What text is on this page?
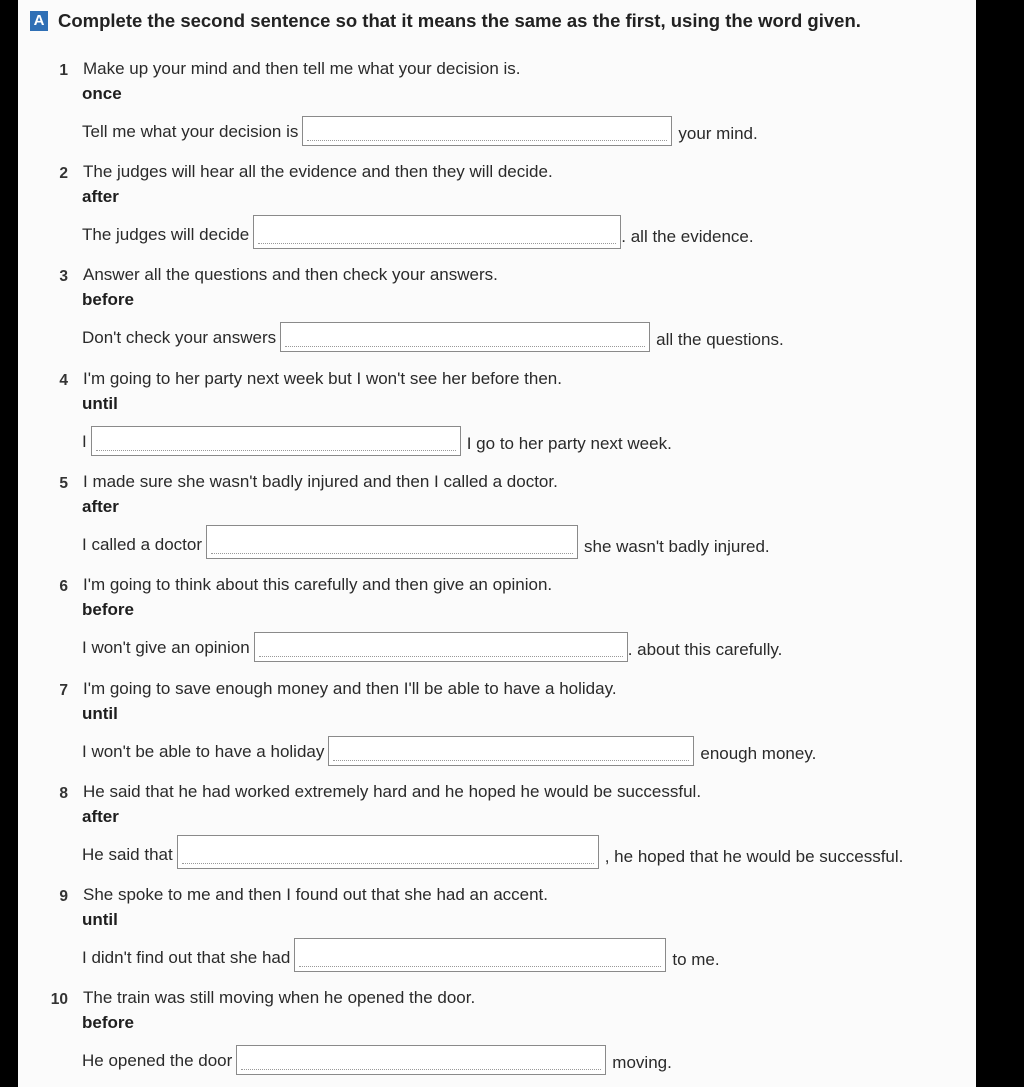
A Complete the second sentence so that it means the same as the first, using the word given.
1 Make up your mind and then tell me what your decision is.
once
Tell me what your decision is	your mind.
2 The judges will hear all the evidence and then they will decide.
after
The judges will decide	. all the evidence.
3 Answer all the questions and then check your answers.
before
Don't check your answers	all the questions.
4 I'm going to her party next week but I won't see her before then.
until
I	I go to her party next week.
5 I made sure she wasn't badly injured and then I called a doctor.
after
I called a doctor	she wasn't badly injured.
6 I'm going to think about this carefully and then give an opinion.
before
I won't give an opinion	. about this carefully.
7 I'm going to save enough money and then I'll be able to have a holiday.
until
I won't be able to have a holiday	enough money.
8 He said that he had worked extremely hard and he hoped he would be successful.
after
He said that	, he hoped that he would be successful.
9 She spoke to me and then I found out that she had an accent.
until
I didn't find out that she had	to me.
10 The train was still moving when he opened the door.
before
He opened the door	moving.
